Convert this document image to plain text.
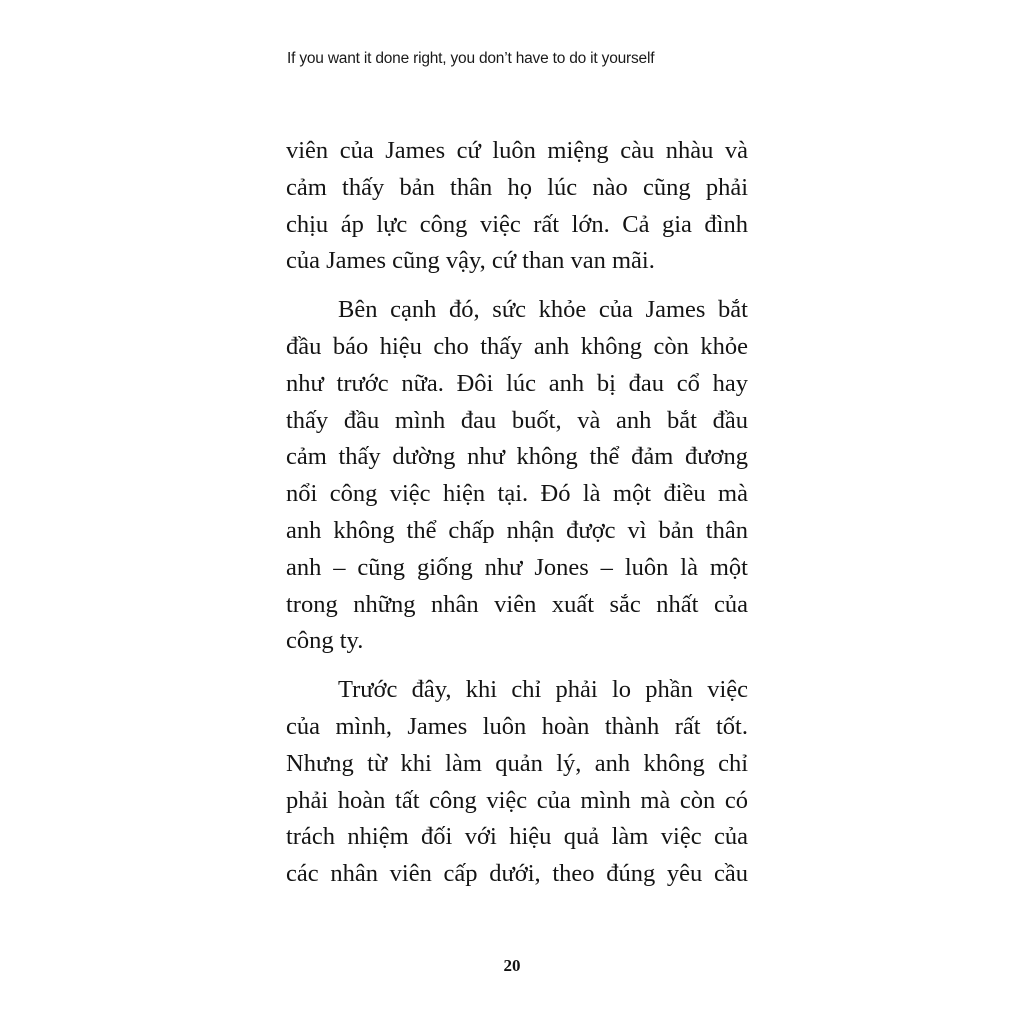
If you want it done right, you don’t have to do it yourself

viên của James cứ luôn miệng càu nhàu và
cảm thấy bản thân họ lúc nào cũng phải
chịu áp lực công việc rất lớn. Cả gia đình
của James cũng vậy, cứ than van mãi.

Bên cạnh đó, sức khỏe của James bắt
đầu báo hiệu cho thấy anh không còn khỏe
như trước nữa. Đôi lúc anh bị đau cổ hay
thấy đầu mình đau buốt, và anh bắt đầu
cảm thấy dường như không thể đảm đương
nổi công việc hiện tại. Đó là một điều mà
anh không thể chấp nhận được vì bản thân
anh – cũng giống như Jones – luôn là một
trong những nhân viên xuất sắc nhất của
công ty.

Trước đây, khi chỉ phải lo phần việc
của mình, James luôn hoàn thành rất tốt.
Nhưng từ khi làm quản lý, anh không chỉ
phải hoàn tất công việc của mình mà còn có
trách nhiệm đối với hiệu quả làm việc của
các nhân viên cấp dưới, theo đúng yêu cầu

20
